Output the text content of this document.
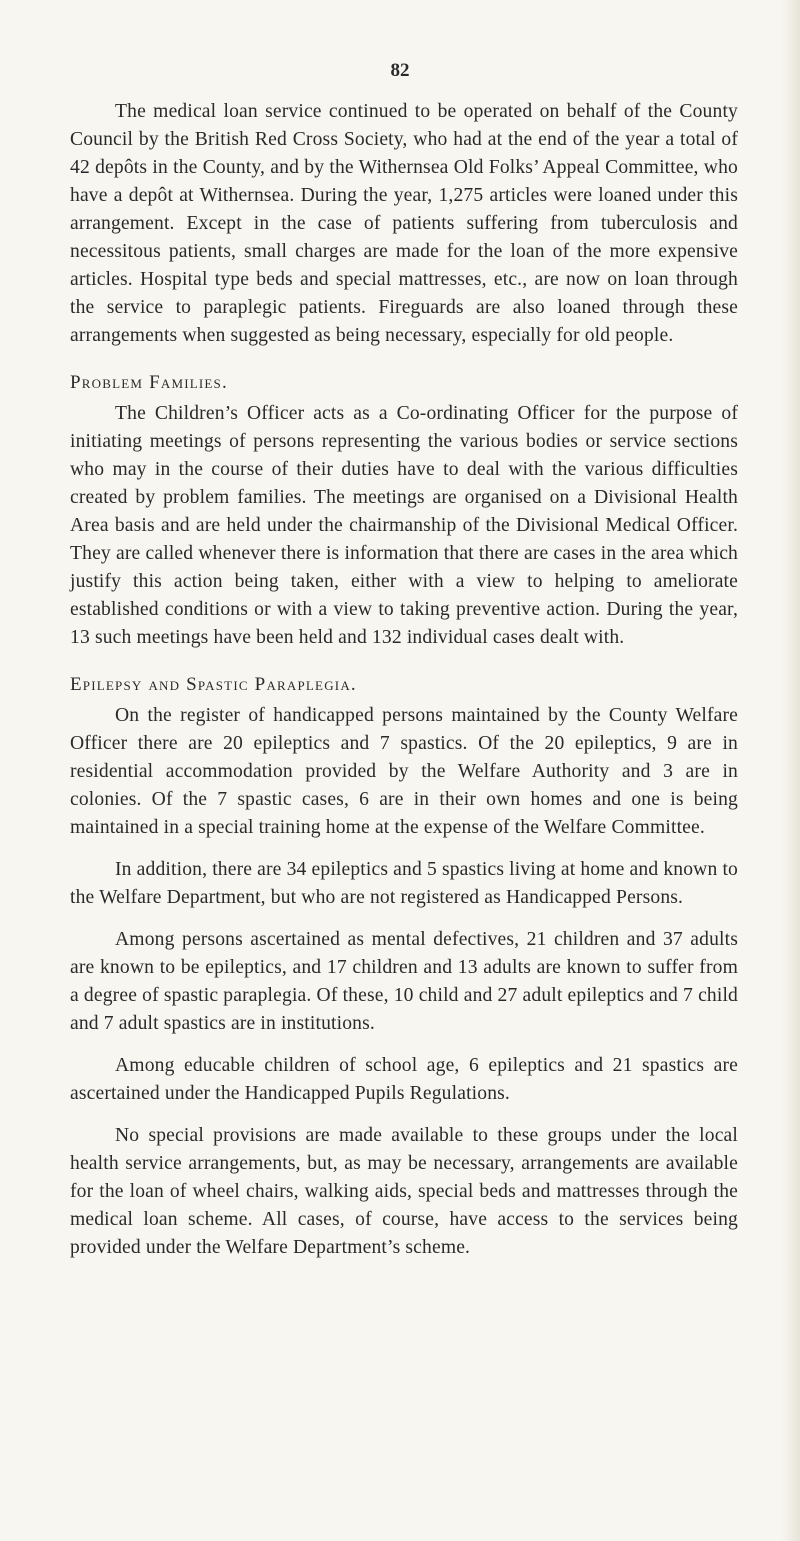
82

The medical loan service continued to be operated on behalf of the County Council by the British Red Cross Society, who had at the end of the year a total of 42 depôts in the County, and by the Withernsea Old Folks’ Appeal Committee, who have a depôt at Withernsea. During the year, 1,275 articles were loaned under this arrangement. Except in the case of patients suffering from tuberculosis and necessitous patients, small charges are made for the loan of the more expensive articles. Hospital type beds and special mattresses, etc., are now on loan through the service to paraplegic patients. Fireguards are also loaned through these arrangements when suggested as being necessary, especially for old people.

Problem Families.

The Children’s Officer acts as a Co-ordinating Officer for the purpose of initiating meetings of persons representing the various bodies or service sections who may in the course of their duties have to deal with the various difficulties created by problem families. The meetings are organised on a Divisional Health Area basis and are held under the chairmanship of the Divisional Medical Officer. They are called whenever there is information that there are cases in the area which justify this action being taken, either with a view to helping to ameliorate established conditions or with a view to taking preventive action. During the year, 13 such meetings have been held and 132 individual cases dealt with.

Epilepsy and Spastic Paraplegia.

On the register of handicapped persons maintained by the County Welfare Officer there are 20 epileptics and 7 spastics. Of the 20 epileptics, 9 are in residential accommodation provided by the Welfare Authority and 3 are in colonies. Of the 7 spastic cases, 6 are in their own homes and one is being maintained in a special training home at the expense of the Welfare Committee.

In addition, there are 34 epileptics and 5 spastics living at home and known to the Welfare Department, but who are not registered as Handicapped Persons.

Among persons ascertained as mental defectives, 21 children and 37 adults are known to be epileptics, and 17 children and 13 adults are known to suffer from a degree of spastic paraplegia. Of these, 10 child and 27 adult epileptics and 7 child and 7 adult spastics are in institutions.

Among educable children of school age, 6 epileptics and 21 spastics are ascertained under the Handicapped Pupils Regulations.

No special provisions are made available to these groups under the local health service arrangements, but, as may be necessary, arrangements are available for the loan of wheel chairs, walking aids, special beds and mattresses through the medical loan scheme. All cases, of course, have access to the services being provided under the Welfare Department’s scheme.
